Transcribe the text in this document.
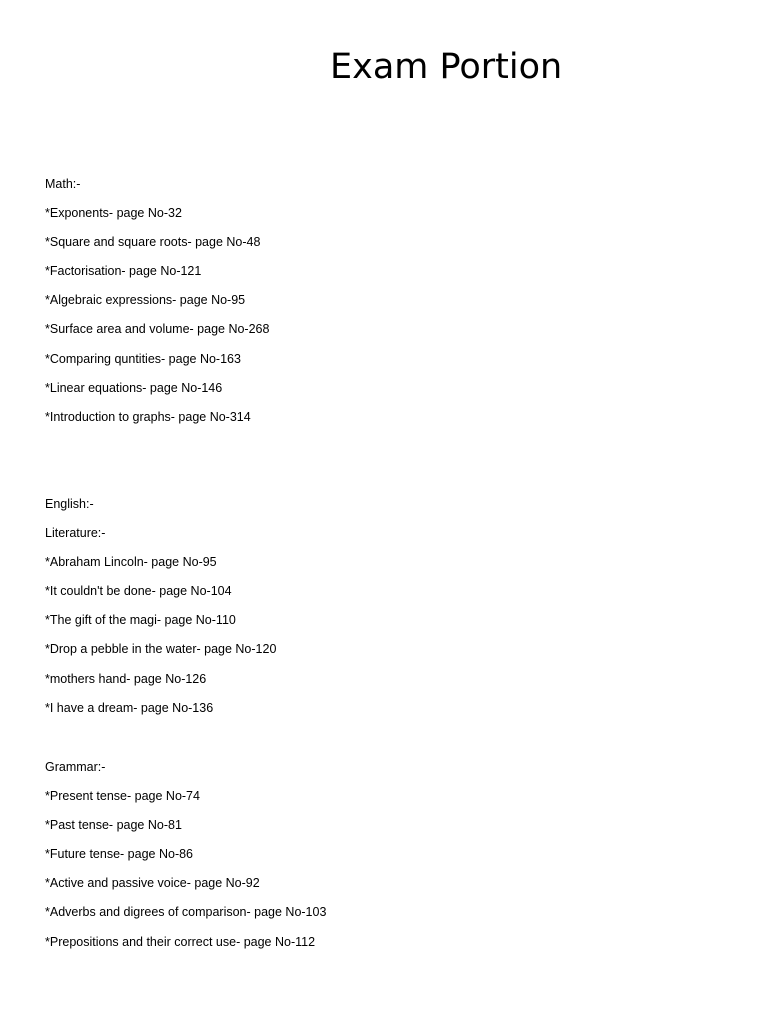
Exam Portion
Math:-
*Exponents- page No-32
*Square and square roots- page No-48
*Factorisation- page No-121
*Algebraic expressions- page No-95
*Surface area and volume- page No-268
*Comparing quntities- page No-163
*Linear equations- page No-146
*Introduction to graphs- page No-314
English:-
Literature:-
*Abraham Lincoln- page No-95
*It couldn't be done- page No-104
*The gift of the magi- page No-110
*Drop a pebble in the water- page No-120
*mothers hand- page No-126
*I have a dream- page No-136
Grammar:-
*Present tense- page No-74
*Past tense- page No-81
*Future tense- page No-86
*Active and passive voice- page No-92
*Adverbs and digrees of comparison- page No-103
*Prepositions and their correct use- page No-112
